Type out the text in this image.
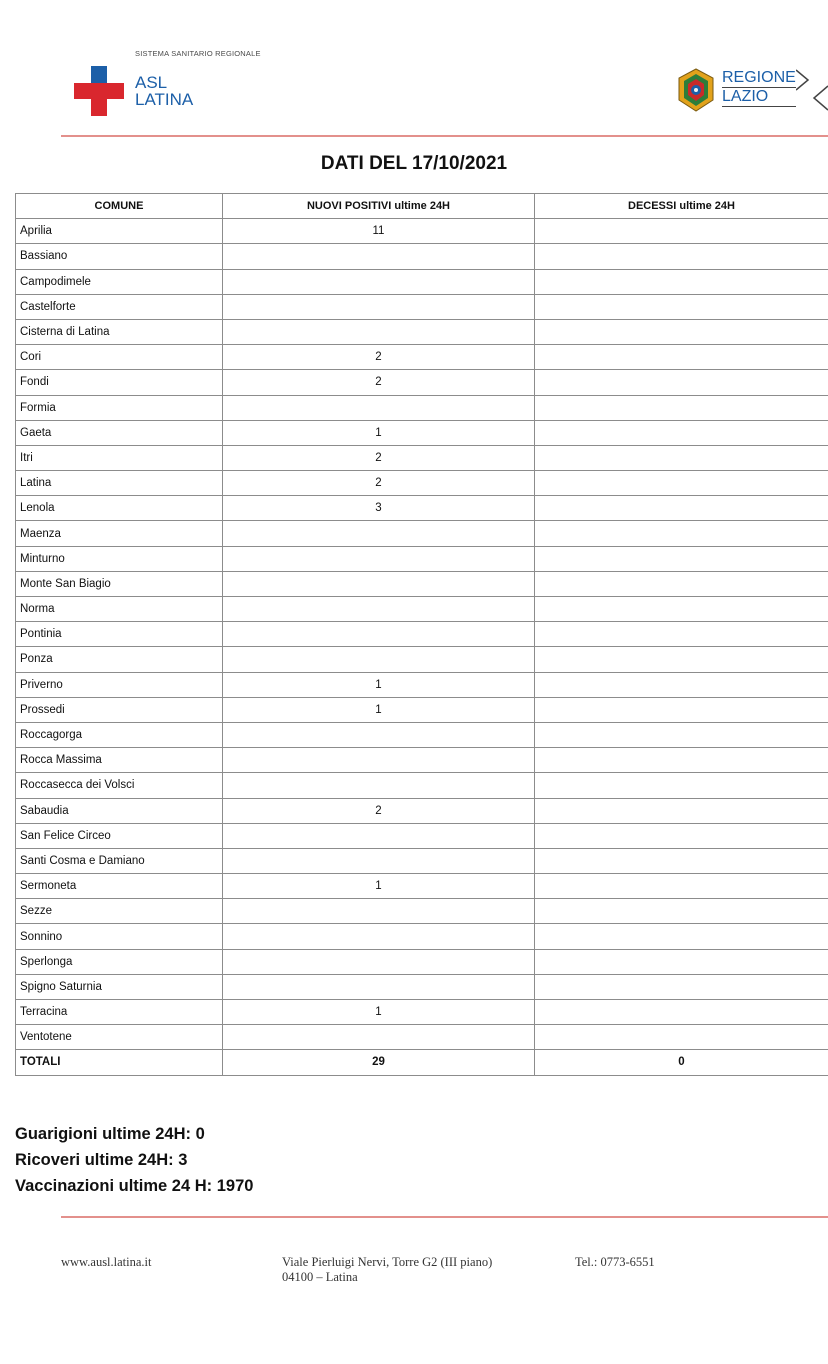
SISTEMA SANITARIO REGIONALE
ASL
LATINA
REGIONE
LAZIO
DATI DEL 17/10/2021
COMUNE	NUOVI POSITIVI ultime 24H	DECESSI ultime 24H
Aprilia	11	
Bassiano		
Campodimele		
Castelforte		
Cisterna di Latina		
Cori	2	
Fondi	2	
Formia		
Gaeta	1	
Itri	2	
Latina	2	
Lenola	3	
Maenza		
Minturno		
Monte San Biagio		
Norma		
Pontinia		
Ponza		
Priverno	1	
Prossedi	1	
Roccagorga		
Rocca Massima		
Roccasecca dei Volsci		
Sabaudia	2	
San Felice Circeo		
Santi Cosma e Damiano		
Sermoneta	1	
Sezze		
Sonnino		
Sperlonga		
Spigno Saturnia		
Terracina	1	
Ventotene		
TOTALI	29	0
Guarigioni ultime 24H: 0
Ricoveri ultime 24H: 3
Vaccinazioni ultime 24 H: 1970
www.ausl.latina.it	Viale Pierluigi Nervi, Torre G2 (III piano)
04100 – Latina
Tel.: 0773-6551
